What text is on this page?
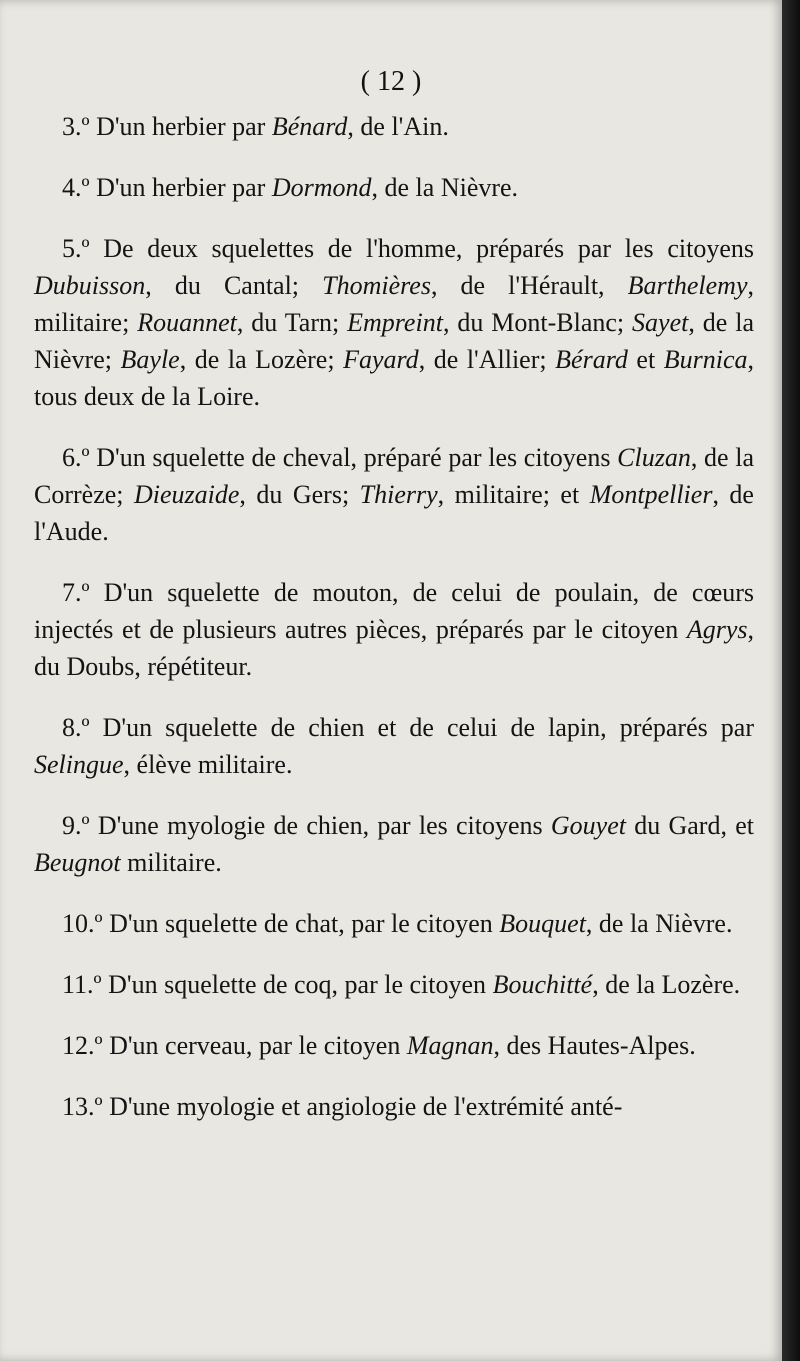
( 12 )

3.º D'un herbier par Bénard, de l'Ain.

4.º D'un herbier par Dormond, de la Nièvre.

5.º De deux squelettes de l'homme, préparés par les citoyens Dubuisson, du Cantal; Thomières, de l'Hérault, Barthelemy, militaire; Rouannet, du Tarn; Empreint, du Mont-Blanc; Sayet, de la Nièvre; Bayle, de la Lozère; Fayard, de l'Allier; Bérard et Burnica, tous deux de la Loire.

6.º D'un squelette de cheval, préparé par les citoyens Cluzan, de la Corrèze; Dieuzaide, du Gers; Thierry, militaire; et Montpellier, de l'Aude.

7.º D'un squelette de mouton, de celui de poulain, de cœurs injectés et de plusieurs autres pièces, préparés par le citoyen Agrys, du Doubs, répétiteur.

8.º D'un squelette de chien et de celui de lapin, préparés par Selingue, élève militaire.

9.º D'une myologie de chien, par les citoyens Gouyet du Gard, et Beugnot militaire.

10.º D'un squelette de chat, par le citoyen Bouquet, de la Nièvre.

11.º D'un squelette de coq, par le citoyen Bouchitté, de la Lozère.

12.º D'un cerveau, par le citoyen Magnan, des Hautes-Alpes.

13.º D'une myologie et angiologie de l'extrémité anté-
